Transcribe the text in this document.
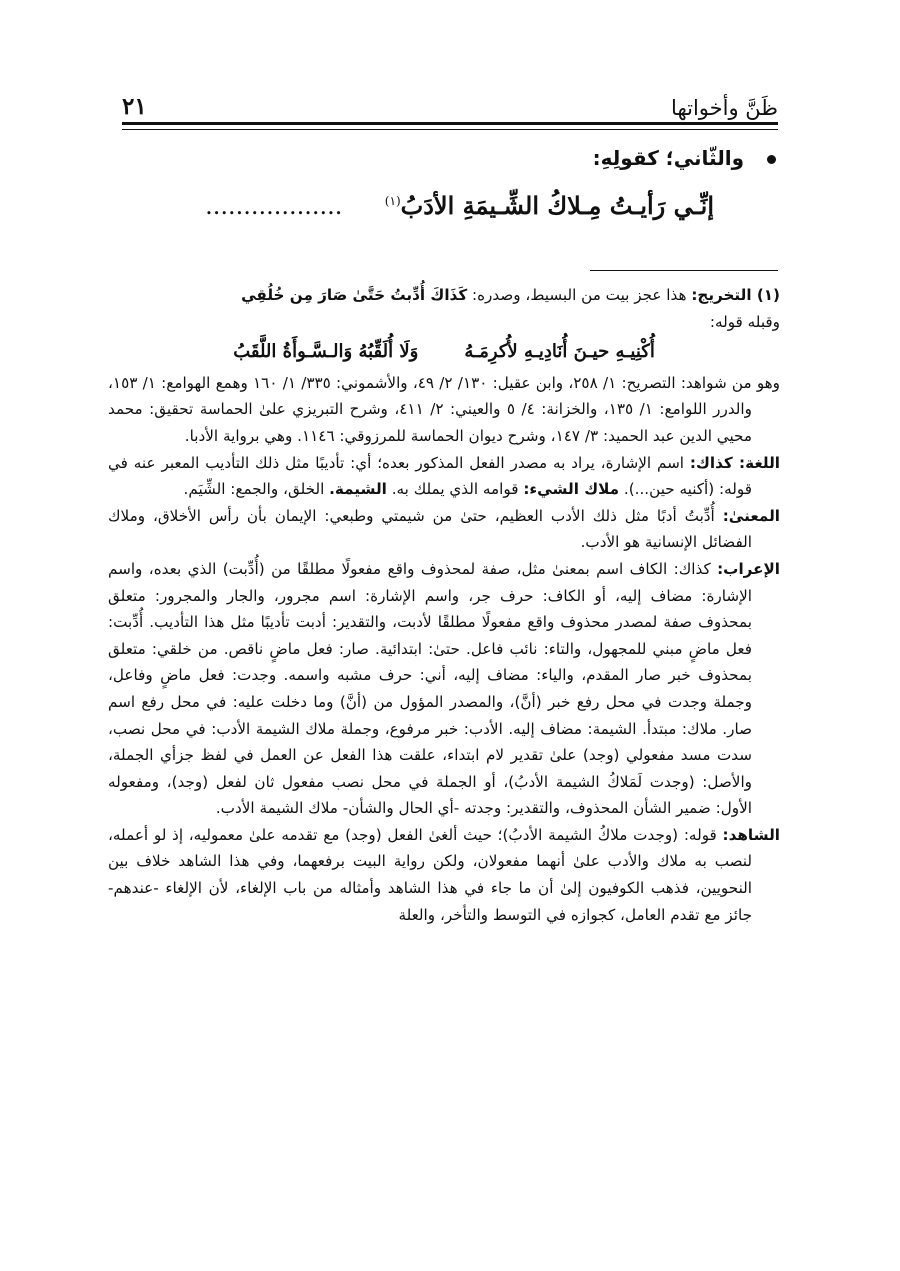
ظَنَّ وأخواتها
٢١
والثّاني؛ كقولِهِ:
إنِّـي رَأيـتُ مِـلاكُ الشِّـيمَةِ الأدَبُ$^{(١)}$ ..................

(١) التخريج: هذا عجز بيت من البسيط، وصدره: كَذَاكَ أُدِّبتُ حَتَّىٰ صَارَ مِن خُلُقِي

وقبله قوله:

أُكْنِيـهِ حيـنَ أُنَادِيـهِ لأُكرِمَـهُ
وَلَا أُلَقِّبُهُ وَالـسَّـوأَةُ اللَّقَبُ

وهو من شواهد: التصريح: ١/ ٢٥٨، وابن عقيل: ١٣٠/ ٢/ ٤٩، والأشموني: ٣٣٥/ ١/ ١٦٠ وهمع الهوامع: ١/ ١٥٣، والدرر اللوامع: ١/ ١٣٥، والخزانة: ٤/ ٥ والعيني: ٢/ ٤١١، وشرح التبريزي علىٰ الحماسة تحقيق: محمد محيي الدين عبد الحميد: ٣/ ١٤٧، وشرح ديوان الحماسة للمرزوقي: ١١٤٦. وهي برواية الأدبا.

اللغة: كذاك: اسم الإشارة، يراد به مصدر الفعل المذكور بعده؛ أي: تأديبًا مثل ذلك التأديب المعبر عنه في قوله: (أكنيه حين...). ملاك الشيء: قوامه الذي يملك به. الشيمة. الخلق، والجمع: الشِّيَم.

المعنىٰ: أُدِّبتُ أدبًا مثل ذلك الأدب العظيم، حتىٰ من شيمتي وطبعي: الإيمان بأن رأس الأخلاق، وملاك الفضائل الإنسانية هو الأدب.

الإعراب: كذاك: الكاف اسم بمعنىٰ مثل، صفة لمحذوف واقع مفعولًا مطلقًا من (أُدِّبت) الذي بعده، واسم الإشارة: مضاف إليه، أو الكاف: حرف جر، واسم الإشارة: اسم مجرور، والجار والمجرور: متعلق بمحذوف صفة لمصدر محذوف واقع مفعولًا مطلقًا لأدبت، والتقدير: أدبت تأديبًا مثل هذا التأديب. أُدِّبت: فعل ماضٍ مبني للمجهول، والتاء: نائب فاعل. حتىٰ: ابتدائية. صار: فعل ماضٍ ناقص. من خلقي: متعلق بمحذوف خبر صار المقدم، والياء: مضاف إليه، أني: حرف مشبه واسمه. وجدت: فعل ماضٍ وفاعل، وجملة وجدت في محل رفع خبر (أنَّ)، والمصدر المؤول من (أنَّ) وما دخلت عليه: في محل رفع اسم صار. ملاك: مبتدأ. الشيمة: مضاف إليه. الأدب: خبر مرفوع، وجملة ملاك الشيمة الأدب: في محل نصب، سدت مسد مفعولي (وجد) علىٰ تقدير لام ابتداء، علقت هذا الفعل عن العمل في لفظ جزأي الجملة، والأصل: (وجدت لَمَلاكُ الشيمة الأدبُ)، أو الجملة في محل نصب مفعول ثان لفعل (وجد)، ومفعوله الأول: ضمير الشأن المحذوف، والتقدير: وجدته -أي الحال والشأن- ملاك الشيمة الأدب.

الشاهد: قوله: (وجدت ملاكُ الشيمة الأدبُ)؛ حيث ألغىٰ الفعل (وجد) مع تقدمه علىٰ معموليه، إذ لو أعمله، لنصب به ملاك والأدب علىٰ أنهما مفعولان، ولكن رواية البيت برفعهما، وفي هذا الشاهد خلاف بين النحويين، فذهب الكوفيون إلىٰ أن ما جاء في هذا الشاهد وأمثاله من باب الإلغاء، لأن الإلغاء -عندهم- جائز مع تقدم العامل، كجوازه في التوسط والتأخر، والعلة
